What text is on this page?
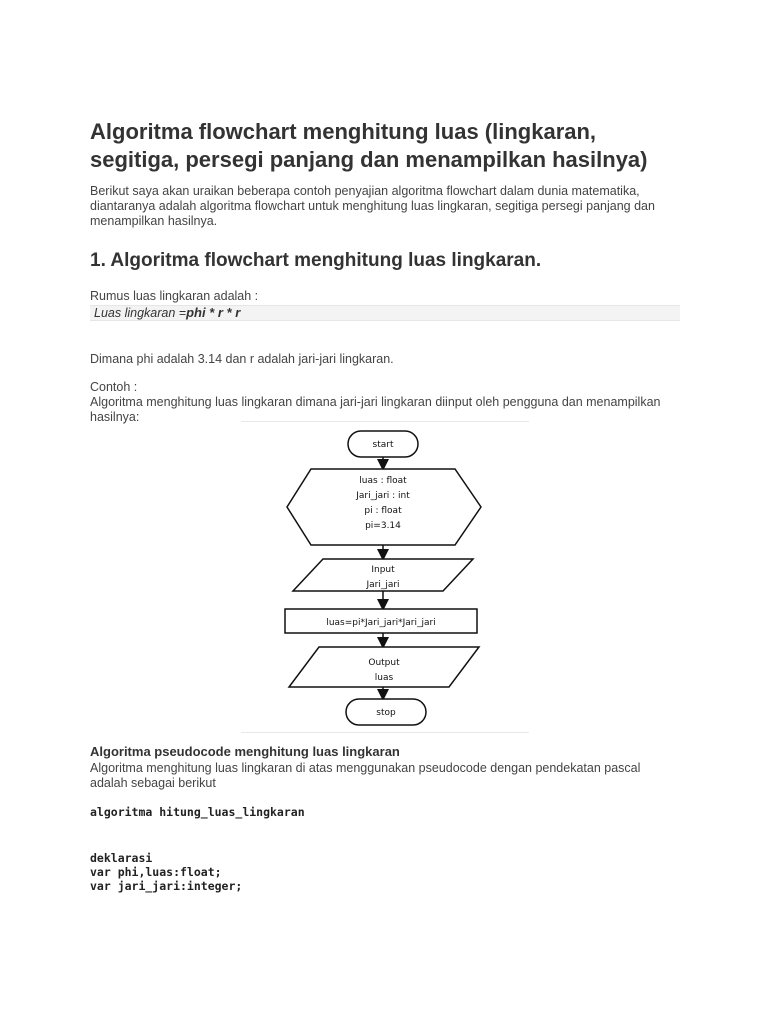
Algoritma flowchart menghitung luas (lingkaran, segitiga, persegi panjang dan menampilkan hasilnya)
Berikut saya akan uraikan beberapa contoh penyajian algoritma flowchart dalam dunia matematika, diantaranya adalah algoritma flowchart untuk menghitung luas lingkaran, segitiga persegi panjang dan menampilkan hasilnya.
1. Algoritma flowchart menghitung luas lingkaran.
Rumus luas lingkaran adalah :
Luas lingkaran =phi * r * r
Dimana phi adalah 3.14 dan r adalah jari-jari lingkaran.
Contoh :
Algoritma menghitung luas lingkaran dimana jari-jari lingkaran diinput oleh pengguna dan menampilkan hasilnya:
start
luas : float
Jari_jari : int
pi : float
pi=3.14
Input
Jari_jari
luas=pi*Jari_jari*Jari_jari
Output
luas
stop
Algoritma pseudocode menghitung luas lingkaran
Algoritma menghitung luas lingkaran di atas menggunakan pseudocode dengan pendekatan pascal adalah sebagai berikut
algoritma hitung_luas_lingkaran
deklarasi
var phi,luas:float;
var jari_jari:integer;
